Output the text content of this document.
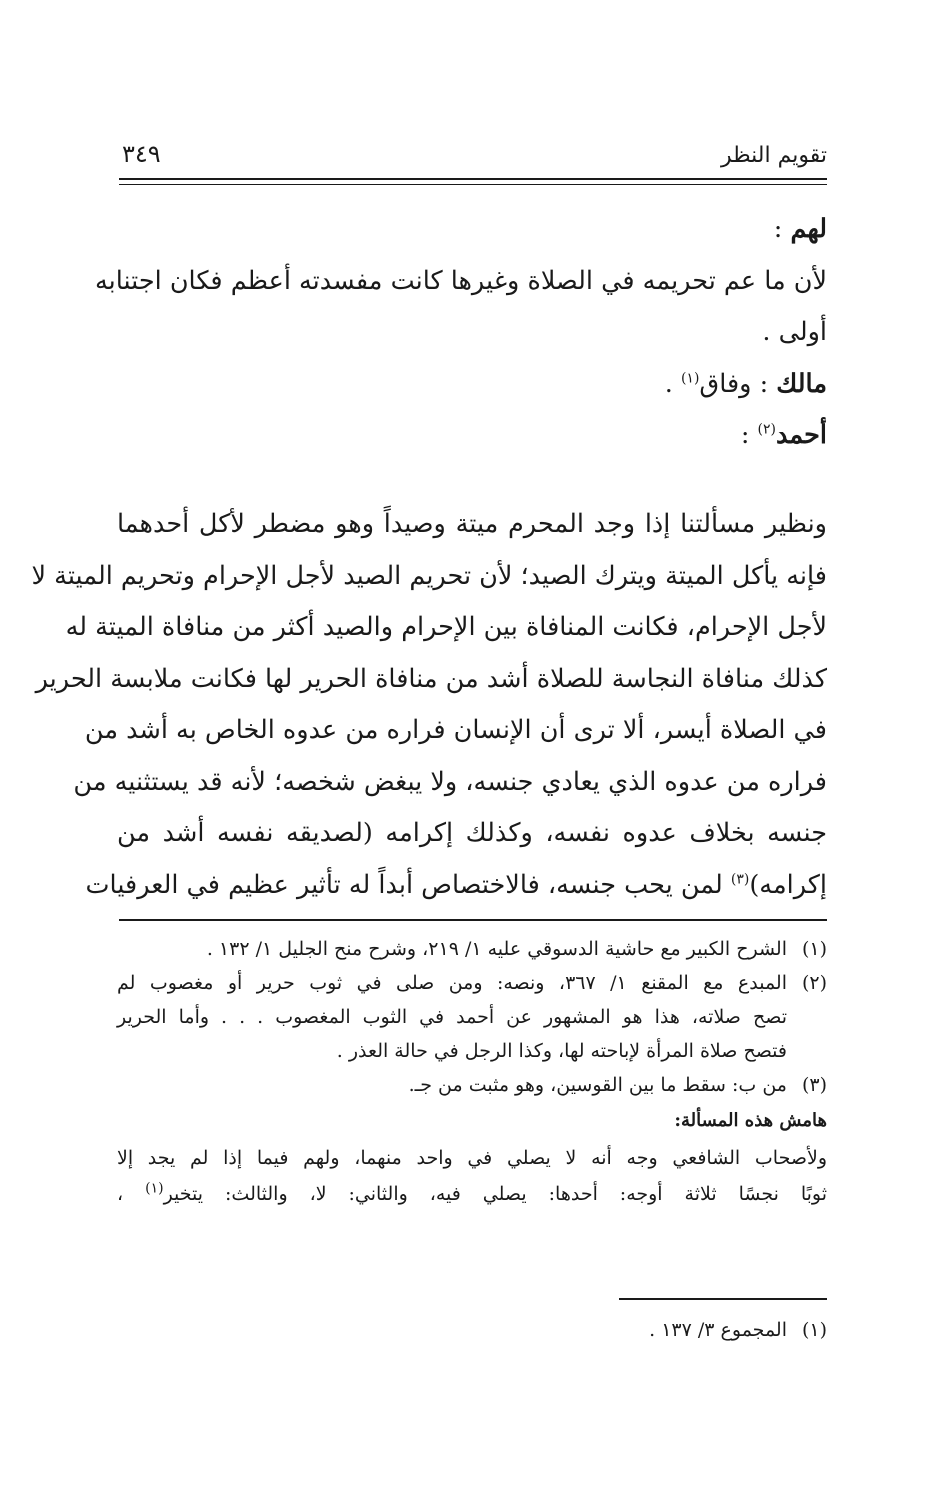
تقويم النظر
٣٤٩
لهم :
لأن ما عم تحريمه في الصلاة وغيرها كانت مفسدته أعظم فكان اجتنابه
أولى .
مالك : وفاق$^{(١)}$ .
أحمد$^{(٢)}$ :
ونظير مسألتنا إذا وجد المحرم ميتة وصيداً وهو مضطر لأكل أحدهما
فإنه يأكل الميتة ويترك الصيد؛ لأن تحريم الصيد لأجل الإحرام وتحريم الميتة لا
لأجل الإحرام، فكانت المنافاة بين الإحرام والصيد أكثر من منافاة الميتة له
كذلك منافاة النجاسة للصلاة أشد من منافاة الحرير لها فكانت ملابسة الحرير
في الصلاة أيسر، ألا ترى أن الإنسان فراره من عدوه الخاص به أشد من
فراره من عدوه الذي يعادي جنسه، ولا يبغض شخصه؛ لأنه قد يستثنيه من
جنسه بخلاف عدوه نفسه، وكذلك إكرامه (لصديقه نفسه أشد من
إكرامه)$^{(٣)}$ لمن يحب جنسه، فالاختصاص أبداً له تأثير عظيم في العرفيات
(١)
الشرح الكبير مع حاشية الدسوقي عليه ١/ ٢١٩، وشرح منح الجليل ١/ ١٣٢ .
(٢)
المبدع مع المقنع ١/ ٣٦٧، ونصه: ومن صلى في ثوب حرير أو مغصوب لم
تصح صلاته، هذا هو المشهور عن أحمد في الثوب المغصوب . . . وأما الحرير
فتصح صلاة المرأة لإباحته لها، وكذا الرجل في حالة العذر .
(٣)
من ب: سقط ما بين القوسين، وهو مثبت من جـ.
هامش هذه المسألة:
ولأصحاب الشافعي وجه أنه لا يصلي في واحد منهما، ولهم فيما إذا لم يجد إلا
ثوبًا نجسًا ثلاثة أوجه: أحدها: يصلي فيه، والثاني: لا، والثالث: يتخير$^{(١)}$ ،
(١)
المجموع ٣/ ١٣٧ .
